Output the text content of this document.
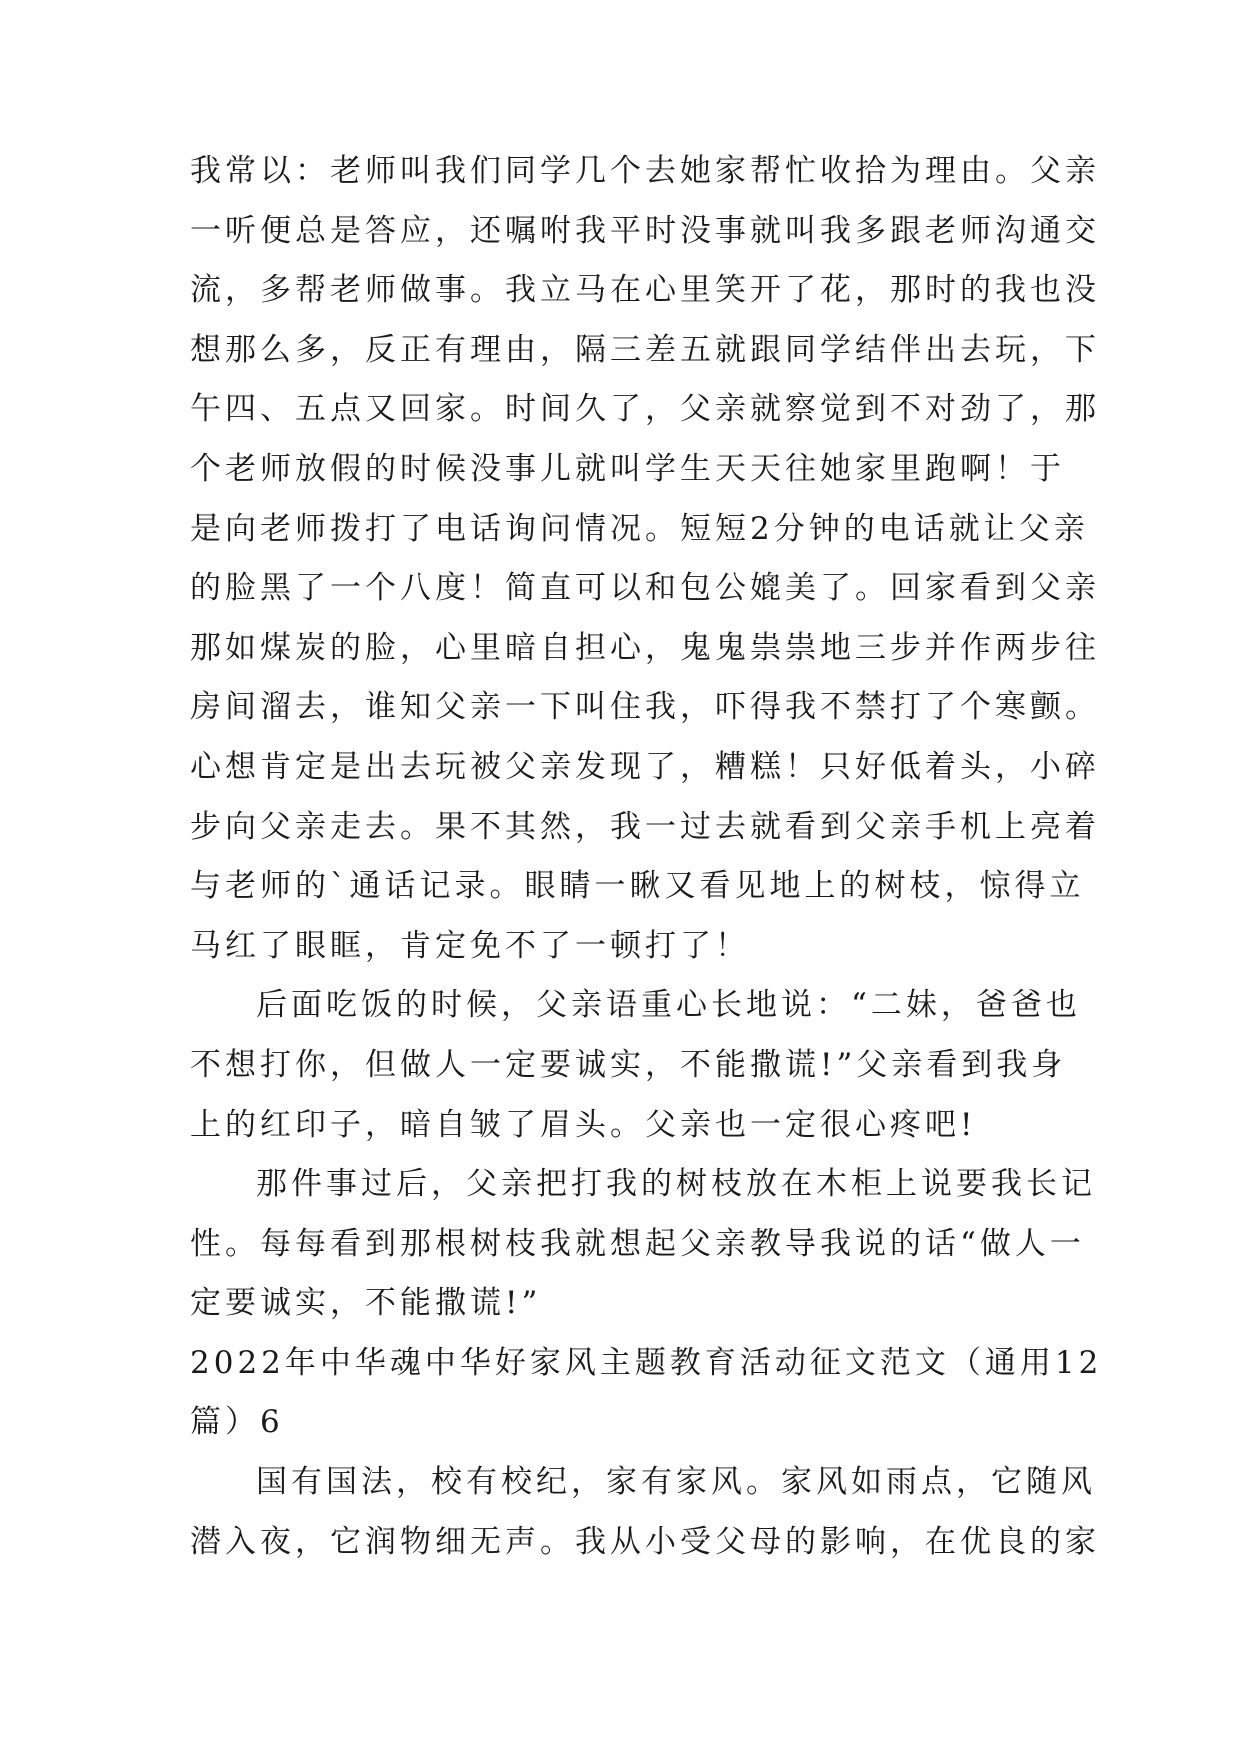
我常以：老师叫我们同学几个去她家帮忙收拾为理由。父亲
一听便总是答应，还嘱咐我平时没事就叫我多跟老师沟通交
流，多帮老师做事。我立马在心里笑开了花，那时的我也没
想那么多，反正有理由，隔三差五就跟同学结伴出去玩，下
午四、五点又回家。时间久了，父亲就察觉到不对劲了，那
个老师放假的时候没事儿就叫学生天天往她家里跑啊！于
是向老师拨打了电话询问情况。短短2分钟的电话就让父亲
的脸黑了一个八度！简直可以和包公媲美了。回家看到父亲
那如煤炭的脸，心里暗自担心，鬼鬼祟祟地三步并作两步往
房间溜去，谁知父亲一下叫住我，吓得我不禁打了个寒颤。
心想肯定是出去玩被父亲发现了，糟糕！只好低着头，小碎
步向父亲走去。果不其然，我一过去就看到父亲手机上亮着
与老师的`通话记录。眼睛一瞅又看见地上的树枝，惊得立
马红了眼眶，肯定免不了一顿打了！
后面吃饭的时候，父亲语重心长地说：“二妹，爸爸也
不想打你，但做人一定要诚实，不能撒谎!”父亲看到我身
上的红印子，暗自皱了眉头。父亲也一定很心疼吧!
那件事过后，父亲把打我的树枝放在木柜上说要我长记
性。每每看到那根树枝我就想起父亲教导我说的话“做人一
定要诚实，不能撒谎!”
2022年中华魂中华好家风主题教育活动征文范文（通用12
篇）6
国有国法，校有校纪，家有家风。家风如雨点，它随风
潜入夜，它润物细无声。我从小受父母的影响，在优良的家
